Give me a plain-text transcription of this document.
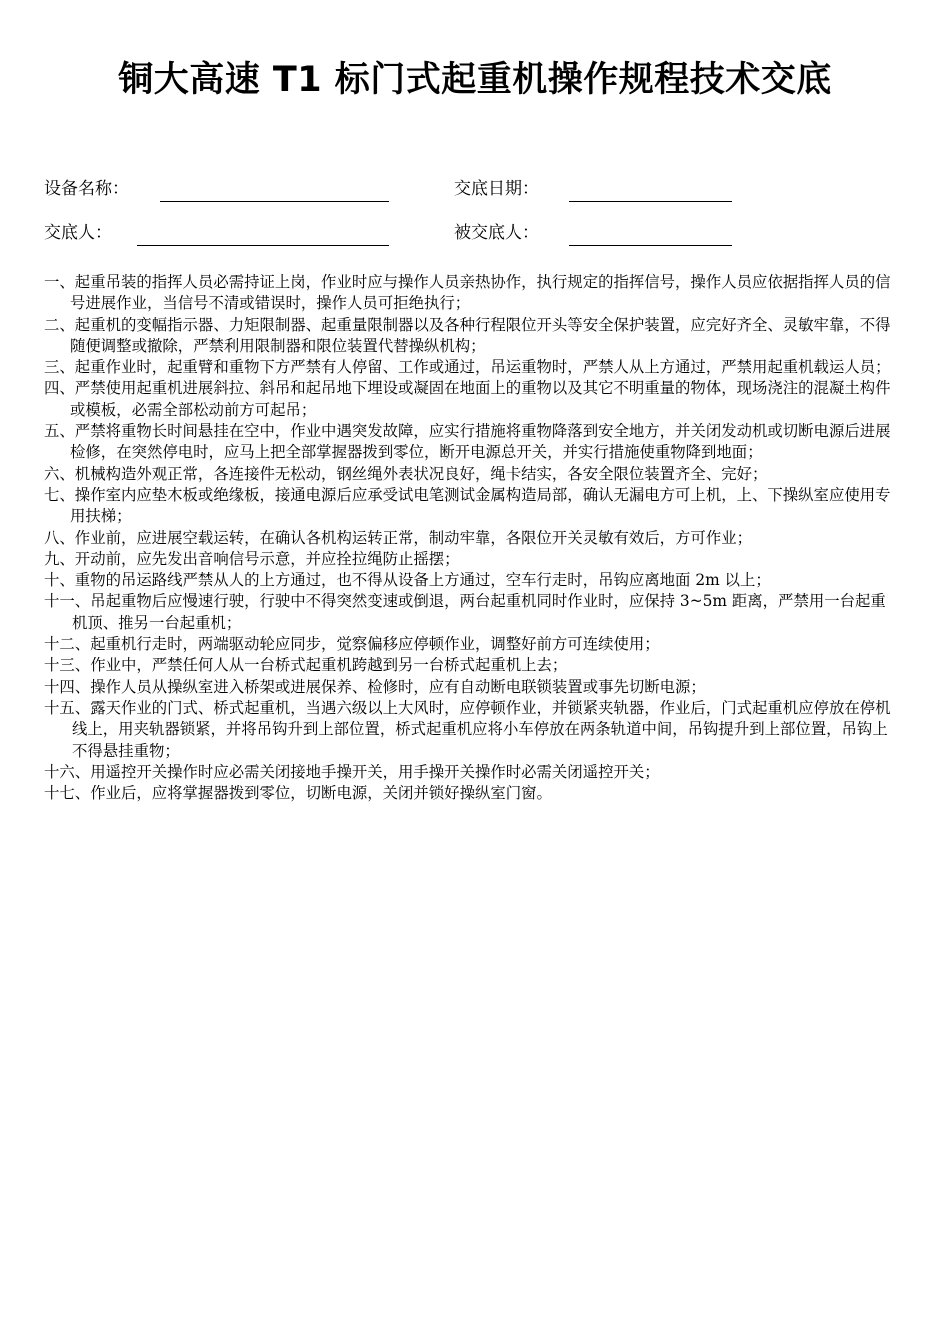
铜大高速 T1 标门式起重机操作规程技术交底
设备名称：	交底日期：
交底人：	被交底人：

一、 起重吊装的指挥人员必需持证上岗，作业时应与操作人员亲热协作，执行规定的指挥信号，操作人员应依据指挥人员的信号进展作业，当信号不清或错误时，操作人员可拒绝执行；

二、 起重机的变幅指示器、力矩限制器、起重量限制器以及各种行程限位开头等安全保护装置，应完好齐全、灵敏牢靠，不得随便调整或撤除，严禁利用限制器和限位装置代替操纵机构；

三、 起重作业时，起重臂和重物下方严禁有人停留、工作或通过，吊运重物时，严禁人从上方通过，严禁用起重机载运人员；

四、 严禁使用起重机进展斜拉、斜吊和起吊地下埋设或凝固在地面上的重物以及其它不明重量的物体，现场浇注的混凝土构件或模板，必需全部松动前方可起吊；

五、 严禁将重物长时间悬挂在空中，作业中遇突发故障，应实行措施将重物降落到安全地方，并关闭发动机或切断电源后进展检修，在突然停电时，应马上把全部掌握器拨到零位，断开电源总开关，并实行措施使重物降到地面；

六、 机械构造外观正常，各连接件无松动，钢丝绳外表状况良好，绳卡结实，各安全限位装置齐全、完好；

七、 操作室内应垫木板或绝缘板，接通电源后应承受试电笔测试金属构造局部，确认无漏电方可上机，上、下操纵室应使用专用扶梯；

八、 作业前，应进展空载运转，在确认各机构运转正常，制动牢靠，各限位开关灵敏有效后，方可作业；

九、 开动前，应先发出音响信号示意，并应拴拉绳防止摇摆；

十、 重物的吊运路线严禁从人的上方通过，也不得从设备上方通过，空车行走时，吊钩应离地面 2m 以上；

十一、 吊起重物后应慢速行驶，行驶中不得突然变速或倒退，两台起重机同时作业时，应保持 3~5m 距离，严禁用一台起重机顶、推另一台起重机；

十二、 起重机行走时，两端驱动轮应同步，觉察偏移应停顿作业，调整好前方可连续使用；

十三、 作业中，严禁任何人从一台桥式起重机跨越到另一台桥式起重机上去；

十四、 操作人员从操纵室进入桥架或进展保养、检修时，应有自动断电联锁装置或事先切断电源；

十五、 露天作业的门式、桥式起重机，当遇六级以上大风时，应停顿作业，并锁紧夹轨器，作业后，门式起重机应停放在停机线上，用夹轨器锁紧，并将吊钩升到上部位置，桥式起重机应将小车停放在两条轨道中间，吊钩提升到上部位置，吊钩上不得悬挂重物；

十六、 用遥控开关操作时应必需关闭接地手操开关，用手操开关操作时必需关闭遥控开关；

十七、 作业后，应将掌握器拨到零位，切断电源，关闭并锁好操纵室门窗。
